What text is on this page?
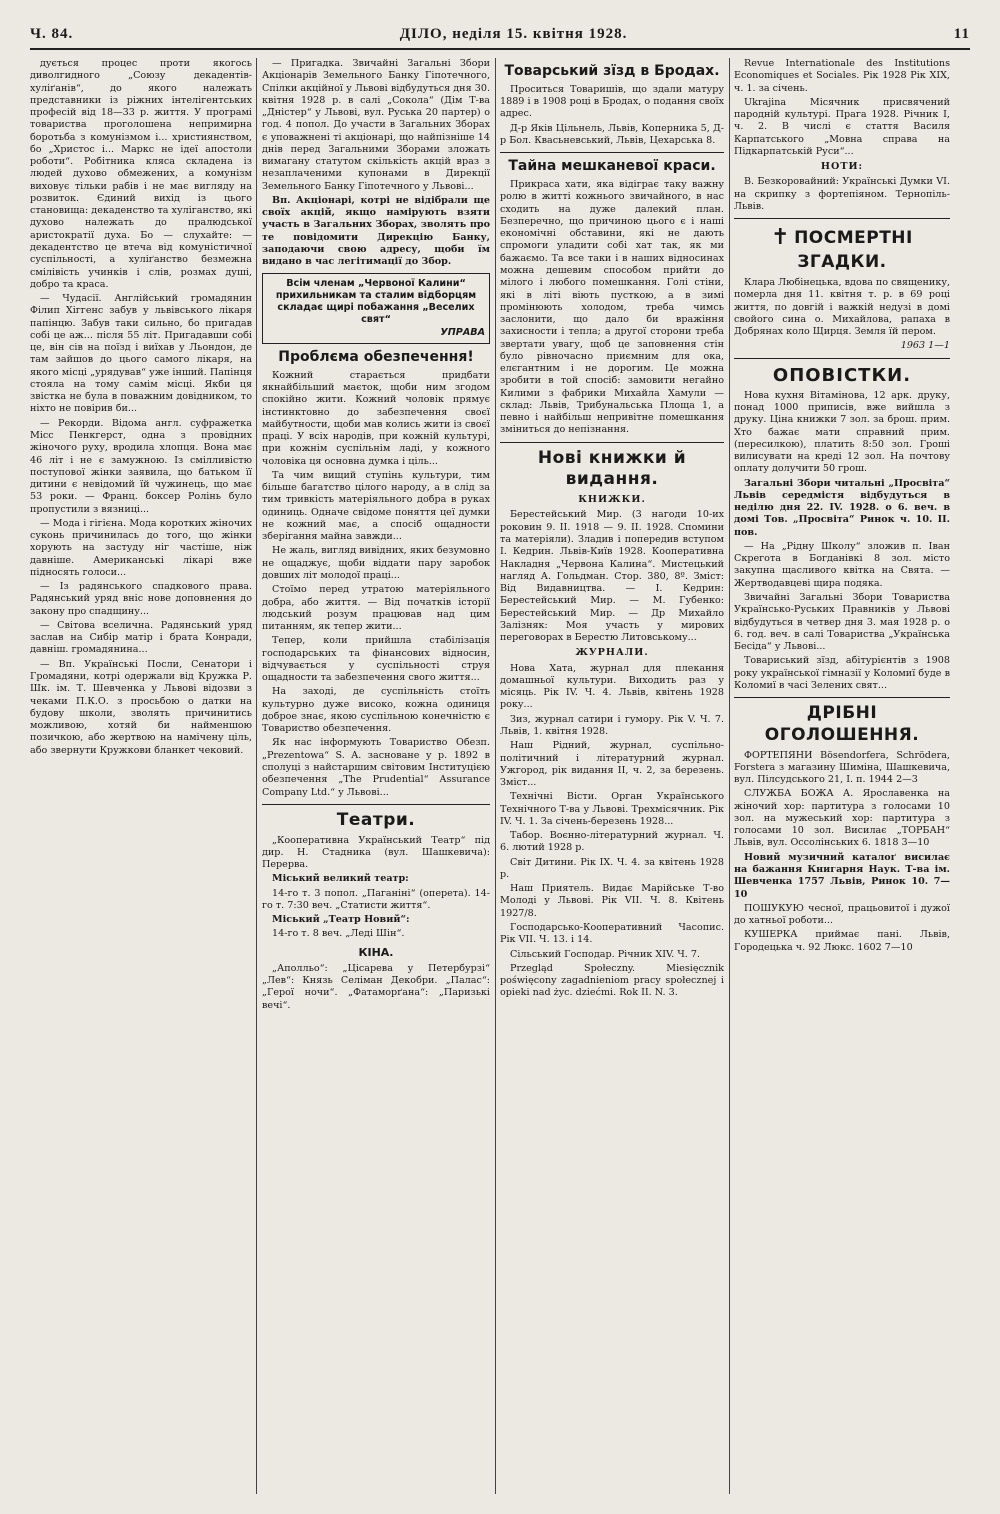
Ч. 84.	ДІЛО, неділя 15. квітня 1928.	11

дується процес проти якогось диволгидного „Союзу декадентів-хуліґанів“, до якого належать представники із ріжних інтелігентських професій від 18—33 р. життя. У програмі товариства проголошена непримирна боротьба з комунізмом і... християнством, бо „Христос і... Маркс не ідеї апостоли роботи“. Робітника кляса складена із людей духово обмежених, а комунізм виховує тільки рабів і не має вигляду на розвиток. Єдиний вихід із цього становища: декаденство та хуліганство, які духово належать до пралюдської аристократії духа. Бо — слухайте: — декадентство це втеча від комуністичної суспільності, а хуліґанство безмежна смілівість учинків і слів, розмах душі, добро та краса.

— Чудасії. Англійський громадянин Філип Хіггенс забув у львівського лікаря папінцю. Забув таки сильно, бо пригадав собі це аж... після 55 літ. Пригадавши собі це, він сів на поїзд і виїхав у Льондон, де там зайшов до цього самого лікаря, на якого місці „урядував“ уже інший. Папінця стояла на тому самім місці. Якби ця звістка не була в поважним довідником, то ніхто не повірив би...

— Рекорди. Відома англ. суфражетка Місс Пенкгерст, одна з провідних жіночого руху, вродила хлопця. Вона має 46 літ і не є замужною. Із смілливістю поступової жінки заявила, що батьком її дитини є невідомий їй чужинець, що має 53 роки. — Франц. боксер Ролінь було пропустили з вязниці...

— Мода і гігієна. Мода коротких жіночих суконь причинилась до того, що жінки хорують на застуду ніг частіше, ніж давніше. Американські лікарі вже підносять голоси...

— Із радянського спадкового права. Радянський уряд вніс нове доповнення до закону про спадщину...

— Світова вселична. Радянський уряд заслав на Сибір матір і брата Конради, давніш. громадянина...

— Вп. Українські Посли, Сенатори і Громадяни, котрі одержали від Кружка Р. Шк. ім. Т. Шевченка у Львові відозви з чеками П.К.О. з просьбою о датки на будову школи, зволять причинитись можливою, хотяй би найменшою позичкою, або жертвою на намічену ціль, або звернути Кружкови бланкет чековий.

— Пригадка. Звичайні Загальні Збори Акціонарів Земельного Банку Гіпотечного, Спілки акційної у Львові відбудуться дня 30. квітня 1928 р. в салі „Сокола“ (Дім Т-ва „Дністер“ у Львові, вул. Руська 20 партер) о год. 4 попол. До участи в Загальних Зборах є уповажнені ті акціонарі, що найпізніше 14 днів перед Загальними Зборами зложать вимагану статутом скількість акцій враз з незаплаченими купонами в Дирекції Земельного Банку Гіпотечного у Львові...

Вп. Акціонарі, котрі не відібрали ще своїх акцій, якщо намірують взяти участь в Загальних Зборах, зволять про те повідомити Дирекцію Банку, заподаючи свою адресу, щоби їм видано в час легітимації до Збор.

Всім членам „Червоної Калини“ прихильникам та сталим відборцям складає щирі побажання „Веселих свят“
УПРАВА
Проблєма обезпечення!

Кожний старається придбати якнайбільший маєток, щоби ним згодом спокійно жити. Кожний чоловік прямує інстинктовно до забезпечення своєї майбутности, щоби мав колись жити із своєї праці. У всіх народів, при кожній культурі, при кожнім суспільнім ладі, у кожного чоловіка ця основна думка і ціль...

Та чим вищий ступінь культури, тим більше багатство цілого народу, а в слід за тим тривкість матеріяльного добра в руках одиниць. Одначе свідоме поняття цеї думки не кожний має, а спосіб ощадности зберігання майна завжди...

Не жаль, вигляд вивідних, яких безумовно не ощаджує, щоби віддати пару заробок довших літ молодої праці...

Стоїмо перед утратою матеріяльного добра, або життя. — Від початків історії людський розум працював над цим питанням, як тепер жити...

Тепер, коли прийшла стабілізація господарських та фінансових відносин, відчувається у суспільності струя ощадности та забезпечення свого життя...

На заході, де суспільність стоїть культурно дуже високо, кожна одиниця доброе знає, якою суспільною конечністю є Товариство обезпечення.

Як нас інформують Товариство Обезп. „Prezentowa“ S. A. засноване у р. 1892 в сполуці з найстаршим світовим Інституцією обезпечення „The Prudential“ Assurance Company Ltd.“ у Львові...

Театри.

„Кооперативна Український Театр“ під дир. Н. Стадника (вул. Шашкевича): Перерва.

Міський великий театр:

14-го т. 3 попол. „Паганіні“ (оперета). 14-го т. 7:30 веч. „Статисти життя“.

Міський „Театр Новий“:

14-го т. 8 веч. „Леді Шін“.

КІНА.

„Аполльо“: „Цісарева у Петербурзі“ „Лев“: Князь Селіман Декобри. „Палас“: „Герої ночи“. „Фатаморґана“: „Паризькі вечі“.

Товарський зїзд в Бродах.

Проситься Товаришів, що здали матуру 1889 і в 1908 році в Бродах, о подання своїх адрес.

Д-р Яків Цільнель, Львів, Коперника 5, Д-р Бол. Квасьневський, Львів, Цехарська 8.

Тайна мешканевої краси.

Прикраса хати, яка відіграє таку важну ролю в житті кожнього звичайного, в нас сходить на дуже далекий план. Безперечно, що причиною цього є і наші економічні обставини, які не дають спромоги уладити собі хат так, як ми бажаємо. Та все таки і в наших відносинах можна дешевим способом прийти до мілого і любого помешкання. Голі стіни, які в літі віють пусткою, а в зимі промінюють холодом, треба чимсь заслонити, що дало би вражіння захисности і тепла; а другої сторони треба звертати увагу, щоб це заповнення стін було рівночасно приємним для ока, елєгантним і не дорогим. Це можна зробити в той спосіб: замовити негайно Килими з фабрики Михайла Хамули — склад: Львів, Трибунальська Площа 1, а певно і найбільш непривітне помешкання зміниться до непізнання.

Нові книжки й видання.
КНИЖКИ.

Берестейський Мир. (3 нагоди 10-их роковин 9. II. 1918 — 9. II. 1928. Спомини та матеріяли). Зладив і попередив вступом І. Кедрин. Львів-Київ 1928. Кооперативна Накладня „Червона Калина“. Мистецький нагляд А. Гольдман. Стор. 380, 8º. Зміст: Від Видавництва. — І. Кедрин: Берестейський Мир. — М. Губенко: Берестейський Мир. — Др Михайло Залізняк: Моя участь у мирових переговорах в Берестю Литовському...

ЖУРНАЛИ.

Нова Хата, журнал для плекання домашньої культури. Виходить раз у місяць. Рік IV. Ч. 4. Львів, квітень 1928 року...

Зиз, журнал сатири і гумору. Рік V. Ч. 7. Львів, 1. квітня 1928.

Наш Рідний, журнал, суспільно-політичний і літературний журнал. Ужгород, рік видання II, ч. 2, за березень. Зміст...

Технічні Вісти. Орган Українського Технічного Т-ва у Львові. Трехмісячник. Рік IV. Ч. 1. За січень-березень 1928...

Табор. Воєнно-літературний журнал. Ч. 6. лютий 1928 р.

Світ Дитини. Рік IX. Ч. 4. за квітень 1928 р.

Наш Приятель. Видає Марійське Т-во Молоді у Львові. Рік VII. Ч. 8. Квітень 1927/8.

Господарсько-Кооперативний Часопис. Рік VII. Ч. 13. і 14.

Сільський Господар. Річник XIV. Ч. 7.

Przegląd Społeczny. Miesięcznik poświęcony zagadnieniom pracy społecznej i opieki nad życ. dziećmi. Rok II. N. 3.

Revue Internationale des Institutions Economiques et Sociales. Рік 1928 Рік XIX, ч. 1. за січень.

Ukrajina Місячник присвячений пародній культурі. Прага 1928. Річник I, ч. 2. В числі є стаття Василя Карпатського „Мовна справа на Підкарпатській Руси“...

НОТИ:

В. Безкоровайний: Українські Думки VI. на скрипку з фортепіяном. Тернопіль-Львів.

✝ ПОСМЕРТНІ ЗГАДКИ.

Клара Любінецька, вдова по священику, померла дня 11. квітня т. р. в 69 році життя, по довгій і важкій недузі в домі свойого сина о. Михайлова, рапаха в Добрянах коло Щирця. Земля їй пером.

1963 1—1

ОПОВІСТКИ.

Нова кухня Вітамінова, 12 арк. друку, понад 1000 приписів, вже вийшла з друку. Ціна книжки 7 зол. за брош. прим. Хто бажає мати справний прим. (пересилкою), платить 8:50 зол. Гроші вилисувати на креді 12 зол. На почтову оплату долучити 50 грош.

Загальні Збори читальні „Просвіта“ Львів середмістя відбудуться в неділю дня 22. IV. 1928. о 6. веч. в домі Тов. „Просвіта“ Ринок ч. 10. II. пов.

— На „Рідну Школу“ зложив п. Іван Скрегота в Богданівкі 8 зол. місто закупна щасливого квітка на Свята. — Жертводавцеві щира подяка.

Звичайні Загальні Збори Товариства Українсько-Руських Правників у Львові відбудуться в четвер дня 3. мая 1928 р. о 6. год. веч. в салі Товариства „Українська Бесіда“ у Львові...

Товариський зїзд, абітурієнтів з 1908 року української гімназії у Коломиї буде в Коломиї в часі Зелених свят...

ДРІБНІ ОГОЛОШЕННЯ.

ФОРТЕПЯНИ Bösendorfera, Schrödera, Forstera з магазину Шиміна, Шашкевича, вул. Пілсудського 21, І. п. 1944 2—3

СЛУЖБА БОЖА А. Ярославенка на жіночий хор: партитура з голосами 10 зол. на мужеський хор: партитура з голосами 10 зол. Висилає „ТОРБАН“ Львів, вул. Оссолінських 6. 1818 3—10

Новий музичний каталоґ висилає на бажання Книгарня Наук. Т-ва ім. Шевченка 1757 Львів, Ринок 10. 7—10

ПОШУКУЮ чесної, працьовитої і дужої до хатньої роботи...

КУШЕРКА приймає пані. Львів, Городецька ч. 92 Люкс. 1602 7—10
